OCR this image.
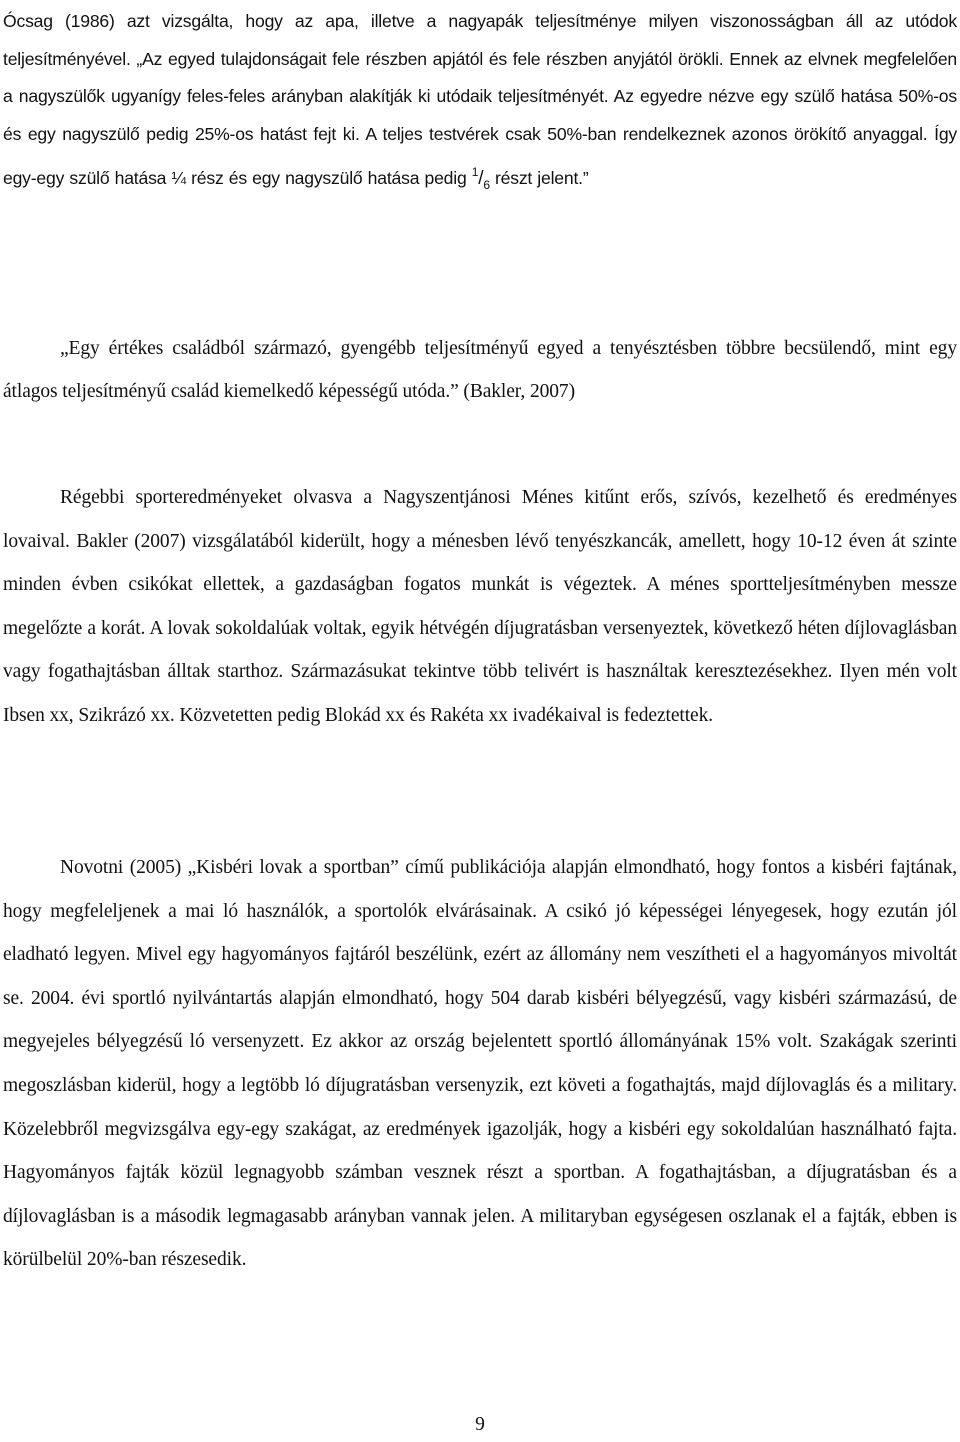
Ócsag (1986) azt vizsgálta, hogy az apa, illetve a nagyapák teljesítménye milyen viszonosságban áll az utódok teljesítményével. „Az egyed tulajdonságait fele részben apjától és fele részben anyjától örökli. Ennek az elvnek megfelelően a nagyszülők ugyanígy feles-feles arányban alakítják ki utódaik teljesítményét. Az egyedre nézve egy szülő hatása 50%-os és egy nagyszülő pedig 25%-os hatást fejt ki. A teljes testvérek csak 50%-ban rendelkeznek azonos örökítő anyaggal. Így egy-egy szülő hatása ¼ rész és egy nagyszülő hatása pedig $^1/_6$ részt jelent.”

„Egy értékes családból származó, gyengébb teljesítményű egyed a tenyésztésben többre becsülendő, mint egy átlagos teljesítményű család kiemelkedő képességű utóda.” (Bakler, 2007)

Régebbi sporteredményeket olvasva a Nagyszentjánosi Ménes kitűnt erős, szívós, kezelhető és eredményes lovaival. Bakler (2007) vizsgálatából kiderült, hogy a ménesben lévő tenyészkancák, amellett, hogy 10-12 éven át szinte minden évben csikókat ellettek, a gazdaságban fogatos munkát is végeztek. A ménes sportteljesítményben messze megelőzte a korát. A lovak sokoldalúak voltak, egyik hétvégén díjugratásban versenyeztek, következő héten díjlovaglásban vagy fogathajtásban álltak starthoz. Származásukat tekintve több telivért is használtak keresztezésekhez. Ilyen mén volt Ibsen xx, Szikrázó xx. Közvetetten pedig Blokád xx és Rakéta xx ivadékaival is fedeztettek.

Novotni (2005) „Kisbéri lovak a sportban” című publikációja alapján elmondható, hogy fontos a kisbéri fajtának, hogy megfeleljenek a mai ló használók, a sportolók elvárásainak. A csikó jó képességei lényegesek, hogy ezután jól eladható legyen. Mivel egy hagyományos fajtáról beszélünk, ezért az állomány nem veszítheti el a hagyományos mivoltát se. 2004. évi sportló nyilvántartás alapján elmondható, hogy 504 darab kisbéri bélyegzésű, vagy kisbéri származású, de megyejeles bélyegzésű ló versenyzett. Ez akkor az ország bejelentett sportló állományának 15% volt. Szakágak szerinti megoszlásban kiderül, hogy a legtöbb ló díjugratásban versenyzik, ezt követi a fogathajtás, majd díjlovaglás és a military. Közelebbről megvizsgálva egy-egy szakágat, az eredmények igazolják, hogy a kisbéri egy sokoldalúan használható fajta. Hagyományos fajták közül legnagyobb számban vesznek részt a sportban. A fogathajtásban, a díjugratásban és a díjlovaglásban is a második legmagasabb arányban vannak jelen. A militaryban egységesen oszlanak el a fajták, ebben is körülbelül 20%-ban részesedik.

9
